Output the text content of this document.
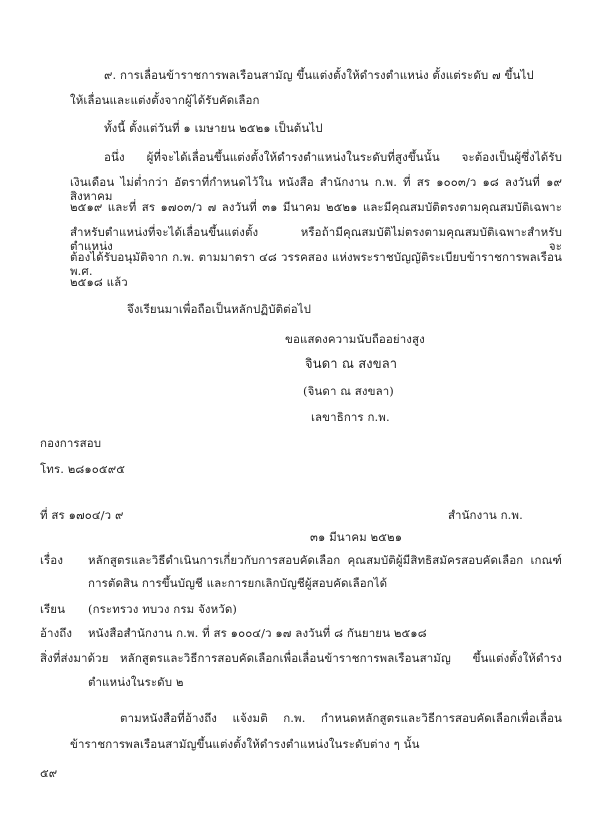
๙. การเลื่อนข้าราชการพลเรือนสามัญ ขึ้นแต่งตั้งให้ดำรงตำแหน่ง ตั้งแต่ระดับ ๗ ขึ้นไป
ให้เลื่อนและแต่งตั้งจากผู้ได้รับคัดเลือก
ทั้งนี้ ตั้งแต่วันที่ ๑ เมษายน ๒๕๒๑ เป็นต้นไป
อนึ่ง ผู้ที่จะได้เลื่อนขึ้นแต่งตั้งให้ดำรงตำแหน่งในระดับที่สูงขึ้นนั้น จะต้องเป็นผู้ซึ่งได้รับ
เงินเดือน ไม่ต่ำกว่า อัตราที่กำหนดไว้ใน หนังสือ สำนักงาน ก.พ. ที่ สร ๑๐๐๓/ว ๑๘ ลงวันที่ ๑๙ สิงหาคม
๒๕๑๙ และที่ สร ๑๗๐๓/ว ๗ ลงวันที่ ๓๑ มีนาคม ๒๕๒๑ และมีคุณสมบัติตรงตามคุณสมบัติเฉพาะ
สำหรับตำแหน่งที่จะได้เลื่อนขึ้นแต่งตั้ง หรือถ้ามีคุณสมบัติไม่ตรงตามคุณสมบัติเฉพาะสำหรับตำแหน่ง จะ
ต้องได้รับอนุมัติจาก ก.พ. ตามมาตรา ๔๘ วรรคสอง แห่งพระราชบัญญัติระเบียบข้าราชการพลเรือน พ.ศ.
๒๕๑๘ แล้ว
จึงเรียนมาเพื่อถือเป็นหลักปฏิบัติต่อไป
ขอแสดงความนับถืออย่างสูง
จินดา ณ สงขลา
(จินดา ณ สงขลา)
เลขาธิการ ก.พ.
กองการสอบ
โทร. ๒๘๑๐๕๙๕
ที่ สร ๑๗๐๔/ว ๙	สำนักงาน ก.พ.
๓๑ มีนาคม ๒๕๒๑
เรื่อง หลักสูตรและวิธีดำเนินการเกี่ยวกับการสอบคัดเลือก คุณสมบัติผู้มีสิทธิสมัครสอบคัดเลือก เกณฑ์
การตัดสิน การขึ้นบัญชี และการยกเลิกบัญชีผู้สอบคัดเลือกได้
เรียน (กระทรวง ทบวง กรม จังหวัด)
อ้างถึง หนังสือสำนักงาน ก.พ. ที่ สร ๑๐๐๔/ว ๑๗ ลงวันที่ ๘ กันยายน ๒๕๑๘
สิ่งที่ส่งมาด้วย หลักสูตรและวิธีการสอบคัดเลือกเพื่อเลื่อนข้าราชการพลเรือนสามัญ ขึ้นแต่งตั้งให้ดำรง
ตำแหน่งในระดับ ๒
ตามหนังสือที่อ้างถึง แจ้งมติ ก.พ. กำหนดหลักสูตรและวิธีการสอบคัดเลือกเพื่อเลื่อน
ข้าราชการพลเรือนสามัญขึ้นแต่งตั้งให้ดำรงตำแหน่งในระดับต่าง ๆ นั้น
๕๙
